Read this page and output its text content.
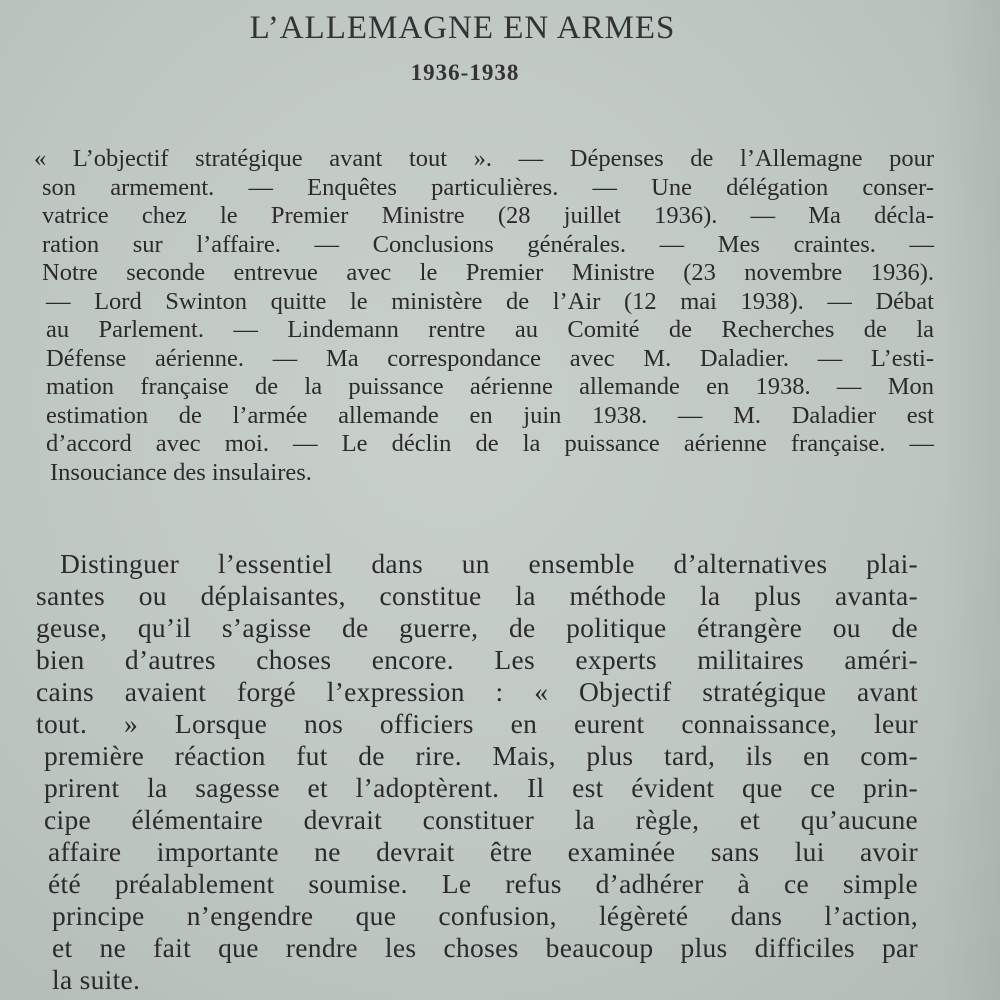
L’ALLEMAGNE EN ARMES
1936-1938
« L’objectif stratégique avant tout ». — Dépenses de l’Allemagne pour
son armement. — Enquêtes particulières. — Une délégation conser-
vatrice chez le Premier Ministre (28 juillet 1936). — Ma décla-
ration sur l’affaire. — Conclusions générales. — Mes craintes. —
Notre seconde entrevue avec le Premier Ministre (23 novembre 1936).
— Lord Swinton quitte le ministère de l’Air (12 mai 1938). — Débat
au Parlement. — Lindemann rentre au Comité de Recherches de la
Défense aérienne. — Ma correspondance avec M. Daladier. — L’esti-
mation française de la puissance aérienne allemande en 1938. — Mon
estimation de l’armée allemande en juin 1938. — M. Daladier est
d’accord avec moi. — Le déclin de la puissance aérienne française. —
Insouciance des insulaires.
Distinguer l’essentiel dans un ensemble d’alternatives plai-
santes ou déplaisantes, constitue la méthode la plus avanta-
geuse, qu’il s’agisse de guerre, de politique étrangère ou de
bien d’autres choses encore. Les experts militaires améri-
cains avaient forgé l’expression : « Objectif stratégique avant
tout. » Lorsque nos officiers en eurent connaissance, leur
première réaction fut de rire. Mais, plus tard, ils en com-
prirent la sagesse et l’adoptèrent. Il est évident que ce prin-
cipe élémentaire devrait constituer la règle, et qu’aucune
affaire importante ne devrait être examinée sans lui avoir
été préalablement soumise. Le refus d’adhérer à ce simple
principe n’engendre que confusion, légèreté dans l’action,
et ne fait que rendre les choses beaucoup plus difficiles par
la suite.
